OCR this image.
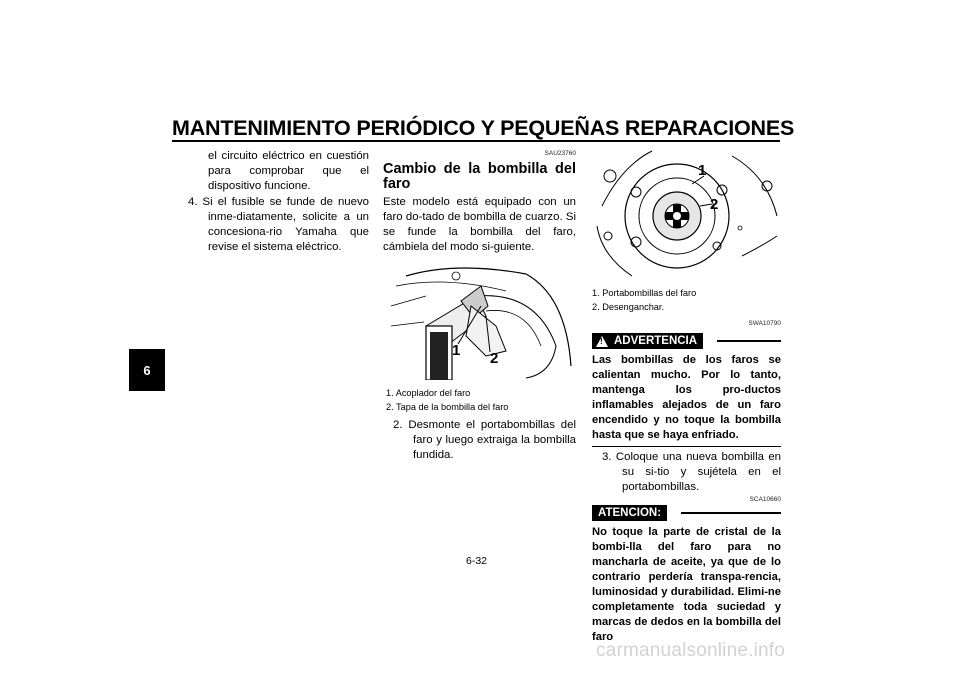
MANTENIMIENTO PERIÓDICO Y PEQUEÑAS REPARACIONES
6
el circuito eléctrico en cuestión para comprobar que el dispositivo funcione.
4. Si el fusible se funde de nuevo inme-diatamente, solicite a un concesiona-rio Yamaha que revise el sistema eléctrico.
SAU23760
Cambio de la bombilla del faro
Este modelo está equipado con un faro do-tado de bombilla de cuarzo. Si se funde la bombilla del faro, cámbiela del modo si-guiente.
1 2
1. Acoplador del faro
2. Tapa de la bombilla del faro
2. Desmonte el portabombillas del faro y luego extraiga la bombilla fundida.
1
2
1. Portabombillas del faro
2. Desenganchar.
SWA10790
! ADVERTENCIA
Las bombillas de los faros se calientan mucho. Por lo tanto, mantenga los pro-ductos inflamables alejados de un faro encendido y no toque la bombilla hasta que se haya enfriado.
3. Coloque una nueva bombilla en su si-tio y sujétela en el portabombillas.
SCA10660
ATENCION:
No toque la parte de cristal de la bombi-lla del faro para no mancharla de aceite, ya que de lo contrario perdería transpa-rencia, luminosidad y durabilidad. Elimi-ne completamente toda suciedad y marcas de dedos en la bombilla del faro
6-32
carmanualsonline.info
